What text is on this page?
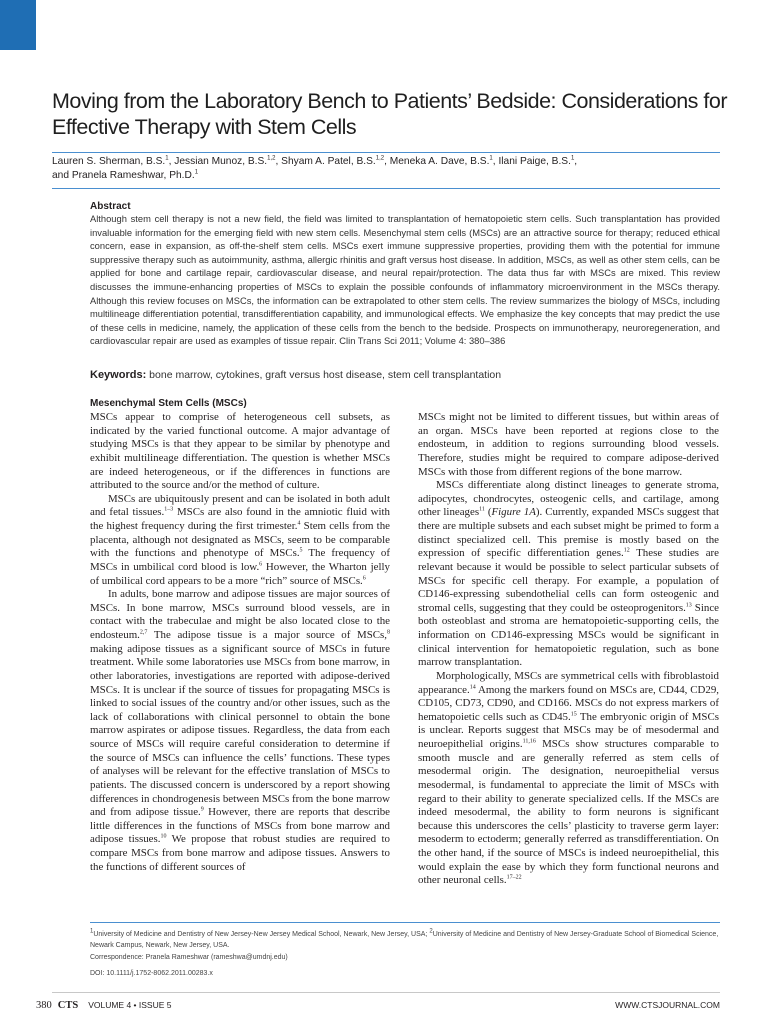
Moving from the Laboratory Bench to Patients’ Bedside: Considerations for Effective Therapy with Stem Cells
Lauren S. Sherman, B.S.$^1$, Jessian Munoz, B.S.$^{1,2}$, Shyam A. Patel, B.S.$^{1,2}$, Meneka A. Dave, B.S.$^1$, Ilani Paige, B.S.$^1$,
and Pranela Rameshwar, Ph.D.$^1$
Abstract
Although stem cell therapy is not a new field, the field was limited to transplantation of hematopoietic stem cells. Such transplantation has provided invaluable information for the emerging field with new stem cells. Mesenchymal stem cells (MSCs) are an attractive source for therapy; reduced ethical concern, ease in expansion, as off-the-shelf stem cells. MSCs exert immune suppressive properties, providing them with the potential for immune suppressive therapy such as autoimmunity, asthma, allergic rhinitis and graft versus host disease. In addition, MSCs, as well as other stem cells, can be applied for bone and cartilage repair, cardiovascular disease, and neural repair/protection. The data thus far with MSCs are mixed. This review discusses the immune-enhancing properties of MSCs to explain the possible confounds of inflammatory microenvironment in the MSCs therapy. Although this review focuses on MSCs, the information can be extrapolated to other stem cells. The review summarizes the biology of MSCs, including multilineage differentiation potential, transdifferentiation capability, and immunological effects. We emphasize the key concepts that may predict the use of these cells in medicine, namely, the application of these cells from the bench to the bedside. Prospects on immunotherapy, neuroregeneration, and cardiovascular repair are used as examples of tissue repair. Clin Trans Sci 2011; Volume 4: 380–386
Keywords: bone marrow, cytokines, graft versus host disease, stem cell transplantation
Mesenchymal Stem Cells (MSCs)

MSCs appear to comprise of heterogeneous cell subsets, as indicated by the varied functional outcome. A major advantage of studying MSCs is that they appear to be similar by phenotype and exhibit multilineage differentiation. The question is whether MSCs are indeed heterogeneous, or if the differences in functions are attributed to the source and/or the method of culture.

MSCs are ubiquitously present and can be isolated in both adult and fetal tissues.$^{1-3}$ MSCs are also found in the amniotic fluid with the highest frequency during the first trimester.$^4$ Stem cells from the placenta, although not designated as MSCs, seem to be comparable with the functions and phenotype of MSCs.$^5$ The frequency of MSCs in umbilical cord blood is low.$^6$ However, the Wharton jelly of umbilical cord appears to be a more “rich” source of MSCs.$^6$

In adults, bone marrow and adipose tissues are major sources of MSCs. In bone marrow, MSCs surround blood vessels, are in contact with the trabeculae and might be also located close to the endosteum.$^{2,7}$ The adipose tissue is a major source of MSCs,$^8$ making adipose tissues as a significant source of MSCs in future treatment. While some laboratories use MSCs from bone marrow, in other laboratories, investigations are reported with adipose-derived MSCs. It is unclear if the source of tissues for propagating MSCs is linked to social issues of the country and/or other issues, such as the lack of collaborations with clinical personnel to obtain the bone marrow aspirates or adipose tissues. Regardless, the data from each source of MSCs will require careful consideration to determine if the source of MSCs can influence the cells’ functions. These types of analyses will be relevant for the effective translation of MSCs to patients. The discussed concern is underscored by a report showing differences in chondrogenesis between MSCs from the bone marrow and from adipose tissue.$^9$ However, there are reports that describe little differences in the functions of MSCs from bone marrow and adipose tissues.$^{10}$ We propose that robust studies are required to compare MSCs from bone marrow and adipose tissues. Answers to the functions of different sources of

MSCs might not be limited to different tissues, but within areas of an organ. MSCs have been reported at regions close to the endosteum, in addition to regions surrounding blood vessels. Therefore, studies might be required to compare adipose-derived MSCs with those from different regions of the bone marrow.

MSCs differentiate along distinct lineages to generate stroma, adipocytes, chondrocytes, osteogenic cells, and cartilage, among other lineages$^{11}$ (Figure 1A). Currently, expanded MSCs suggest that there are multiple subsets and each subset might be primed to form a distinct specialized cell. This premise is mostly based on the expression of specific differentiation genes.$^{12}$ These studies are relevant because it would be possible to select particular subsets of MSCs for specific cell therapy. For example, a population of CD146-expressing subendothelial cells can form osteogenic and stromal cells, suggesting that they could be osteoprogenitors.$^{13}$ Since both osteoblast and stroma are hematopoietic-supporting cells, the information on CD146-expressing MSCs would be significant in clinical intervention for hematopoietic regulation, such as bone marrow transplantation.

Morphologically, MSCs are symmetrical cells with fibroblastoid appearance.$^{14}$ Among the markers found on MSCs are, CD44, CD29, CD105, CD73, CD90, and CD166. MSCs do not express markers of hematopoietic cells such as CD45.15 The embryonic origin of MSCs is unclear. Reports suggest that MSCs may be of mesodermal and neuroepithelial origins.$^{11,16}$ MSCs show structures comparable to smooth muscle and are generally referred as stem cells of mesodermal origin. The designation, neuroepithelial versus mesodermal, is fundamental to appreciate the limit of MSCs with regard to their ability to generate specialized cells. If the MSCs are indeed mesodermal, the ability to form neurons is significant because this underscores the cells’ plasticity to traverse germ layer: mesoderm to ectoderm; generally referred as transdifferentiation. On the other hand, if the source of MSCs is indeed neuroepithelial, this would explain the ease by which they form functional neurons and other neuronal cells.$^{17-22}$

$^1$University of Medicine and Dentistry of New Jersey-New Jersey Medical School, Newark, New Jersey, USA; $^2$University of Medicine and Dentistry of New Jersey-Graduate School of Biomedical Science, Newark Campus, Newark, New Jersey, USA.
Correspondence: Pranela Rameshwar (rameshwa@umdnj.edu)
DOI: 10.1111/j.1752-8062.2011.00283.x
380 CTS VOLUME 4 • ISSUE 5	WWW.CTSJOURNAL.COM
